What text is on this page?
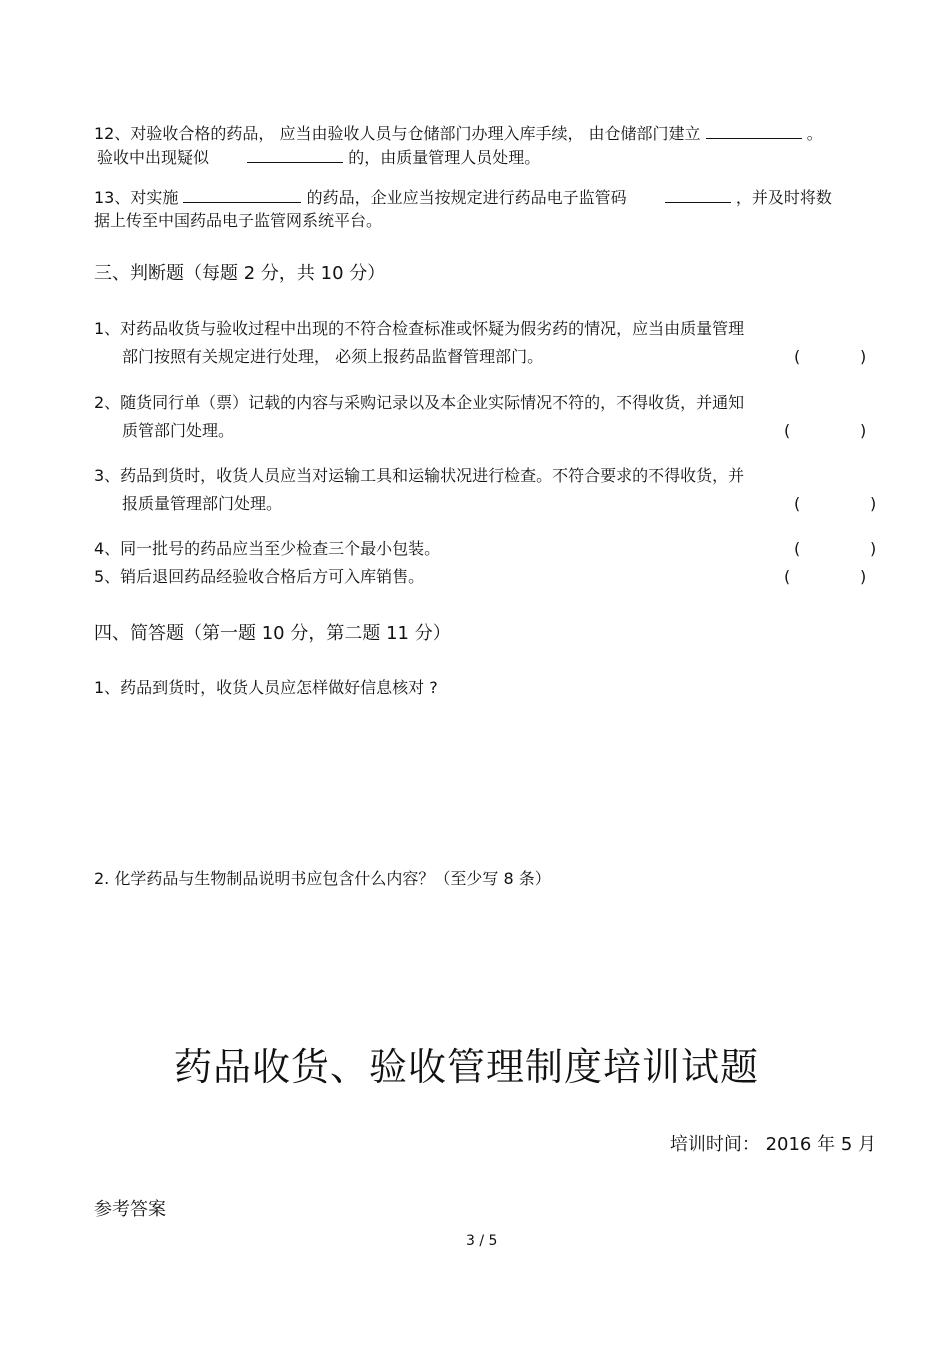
12、对验收合格的药品， 应当由验收人员与仓储部门办理入库手续， 由仓储部门建立	。
验收中出现疑似	的，由质量管理人员处理。
13、对实施	的药品，企业应当按规定进行药品电子监管码	，并及时将数
据上传至中国药品电子监管网系统平台。
三、判断题（每题 2 分，共 10 分）
1、对药品收货与验收过程中出现的不符合检查标准或怀疑为假劣药的情况，应当由质量管理
部门按照有关规定进行处理， 必须上报药品监督管理部门。	(	)
2、随货同行单（票）记载的内容与采购记录以及本企业实际情况不符的，不得收货，并通知
质管部门处理。	(	)
3、药品到货时，收货人员应当对运输工具和运输状况进行检查。不符合要求的不得收货，并
报质量管理部门处理。	(	)
4、同一批号的药品应当至少检查三个最小包装。	(	)
5、销后退回药品经验收合格后方可入库销售。	(	)
四、简答题（第一题 10 分，第二题 11 分）
1、药品到货时，收货人员应怎样做好信息核对 ?
2. 化学药品与生物制品说明书应包含什么内容？（至少写 8 条）
药品收货、验收管理制度培训试题
培训时间： 2016 年 5 月
参考答案
3 / 5
